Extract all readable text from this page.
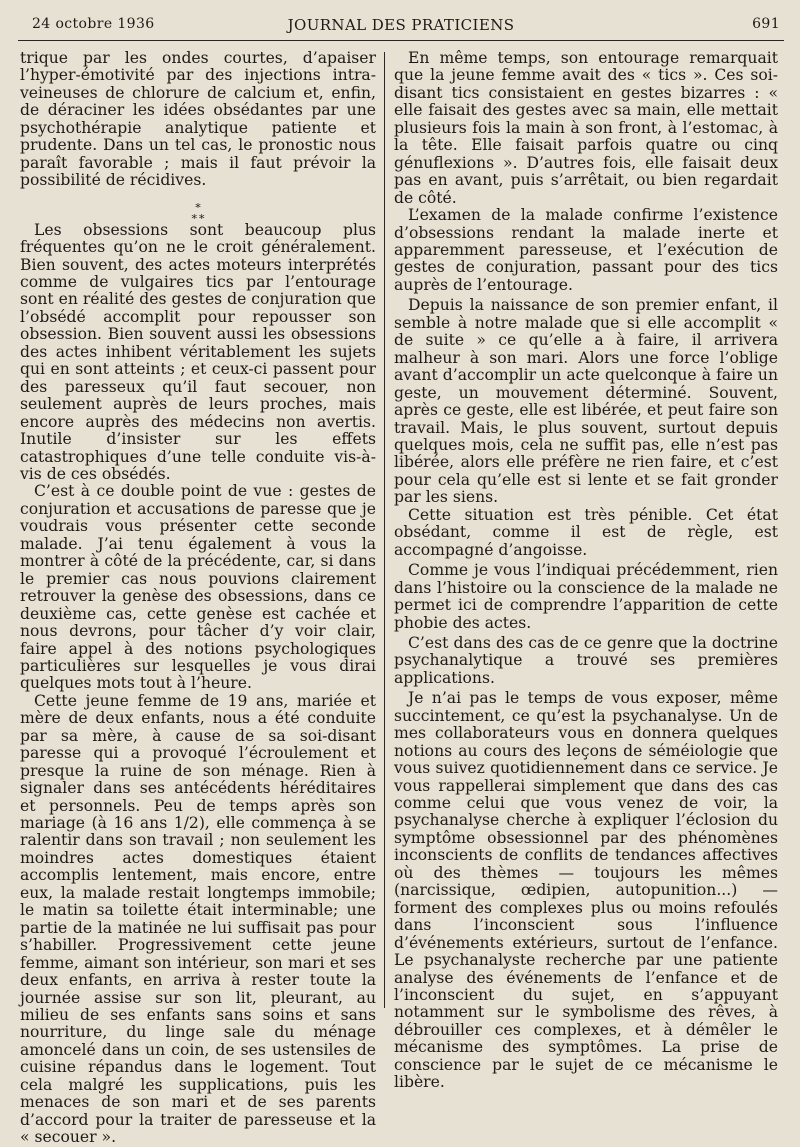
24 octobre 1936	JOURNAL DES PRATICIENS	691

trique par les ondes courtes, d’apaiser l’hyper-émotivité par des injections intra-veineuses de chlorure de calcium et, enfin, de déraciner les idées obsédantes par une psychothérapie analytique patiente et prudente. Dans un tel cas, le pronostic nous paraît favorable ; mais il faut prévoir la possibilité de récidives.

∗
∗∗

Les obsessions sont beaucoup plus fréquentes qu’on ne le croit généralement. Bien souvent, des actes moteurs interprétés comme de vulgaires tics par l’entourage sont en réalité des gestes de conjuration que l’obsédé accomplit pour repousser son obsession. Bien souvent aussi les obsessions des actes inhibent véritablement les sujets qui en sont atteints ; et ceux-ci passent pour des paresseux qu’il faut secouer, non seulement auprès de leurs proches, mais encore auprès des médecins non avertis. Inutile d’insister sur les effets catastrophiques d’une telle conduite vis-à-vis de ces obsédés.

C’est à ce double point de vue : gestes de conjuration et accusations de paresse que je voudrais vous présenter cette seconde malade. J’ai tenu également à vous la montrer à côté de la précédente, car, si dans le premier cas nous pouvions clairement retrouver la genèse des obsessions, dans ce deuxième cas, cette genèse est cachée et nous devrons, pour tâcher d’y voir clair, faire appel à des notions psychologiques particulières sur lesquelles je vous dirai quelques mots tout à l’heure.

Cette jeune femme de 19 ans, mariée et mère de deux enfants, nous a été conduite par sa mère, à cause de sa soi-disant paresse qui a provoqué l’écroulement et presque la ruine de son ménage. Rien à signaler dans ses antécédents héréditaires et personnels. Peu de temps après son mariage (à 16 ans 1/2), elle commença à se ralentir dans son travail ; non seulement les moindres actes domestiques étaient accomplis lentement, mais encore, entre eux, la malade restait longtemps immobile; le matin sa toilette était interminable; une partie de la matinée ne lui suffisait pas pour s’habiller. Progressivement cette jeune femme, aimant son intérieur, son mari et ses deux enfants, en arriva à rester toute la journée assise sur son lit, pleurant, au milieu de ses enfants sans soins et sans nourriture, du linge sale du ménage amoncelé dans un coin, de ses ustensiles de cuisine répandus dans le logement. Tout cela malgré les supplications, puis les menaces de son mari et de ses parents d’accord pour la traiter de paresseuse et la « secouer ».

En même temps, son entourage remarquait que la jeune femme avait des « tics ». Ces soi-disant tics consistaient en gestes bizarres : « elle faisait des gestes avec sa main, elle mettait plusieurs fois la main à son front, à l’estomac, à la tête. Elle faisait parfois quatre ou cinq génuflexions ». D’autres fois, elle faisait deux pas en avant, puis s’arrêtait, ou bien regardait de côté.

L’examen de la malade confirme l’existence d’obsessions rendant la malade inerte et apparemment paresseuse, et l’exécution de gestes de conjuration, passant pour des tics auprès de l’entourage.

Depuis la naissance de son premier enfant, il semble à notre malade que si elle accomplit « de suite » ce qu’elle a à faire, il arrivera malheur à son mari. Alors une force l’oblige avant d’accomplir un acte quelconque à faire un geste, un mouvement déterminé. Souvent, après ce geste, elle est libérée, et peut faire son travail. Mais, le plus souvent, surtout depuis quelques mois, cela ne suffit pas, elle n’est pas libérée, alors elle préfère ne rien faire, et c’est pour cela qu’elle est si lente et se fait gronder par les siens.

Cette situation est très pénible. Cet état obsédant, comme il est de règle, est accompagné d’angoisse.

Comme je vous l’indiquai précédemment, rien dans l’histoire ou la conscience de la malade ne permet ici de comprendre l’apparition de cette phobie des actes.

C’est dans des cas de ce genre que la doctrine psychanalytique a trouvé ses premières applications.

Je n’ai pas le temps de vous exposer, même succintement, ce qu’est la psychanalyse. Un de mes collaborateurs vous en donnera quelques notions au cours des leçons de séméiologie que vous suivez quotidiennement dans ce service. Je vous rappellerai simplement que dans des cas comme celui que vous venez de voir, la psychanalyse cherche à expliquer l’éclosion du symptôme obsessionnel par des phénomènes inconscients de conflits de tendances affectives où des thèmes — toujours les mêmes (narcissique, œdipien, autopunition...) — forment des complexes plus ou moins refoulés dans l’inconscient sous l’influence d’événements extérieurs, surtout de l’enfance. Le psychanalyste recherche par une patiente analyse des événements de l’enfance et de l’inconscient du sujet, en s’appuyant notamment sur le symbolisme des rêves, à débrouiller ces complexes, et à démêler le mécanisme des symptômes. La prise de conscience par le sujet de ce mécanisme le libère.
